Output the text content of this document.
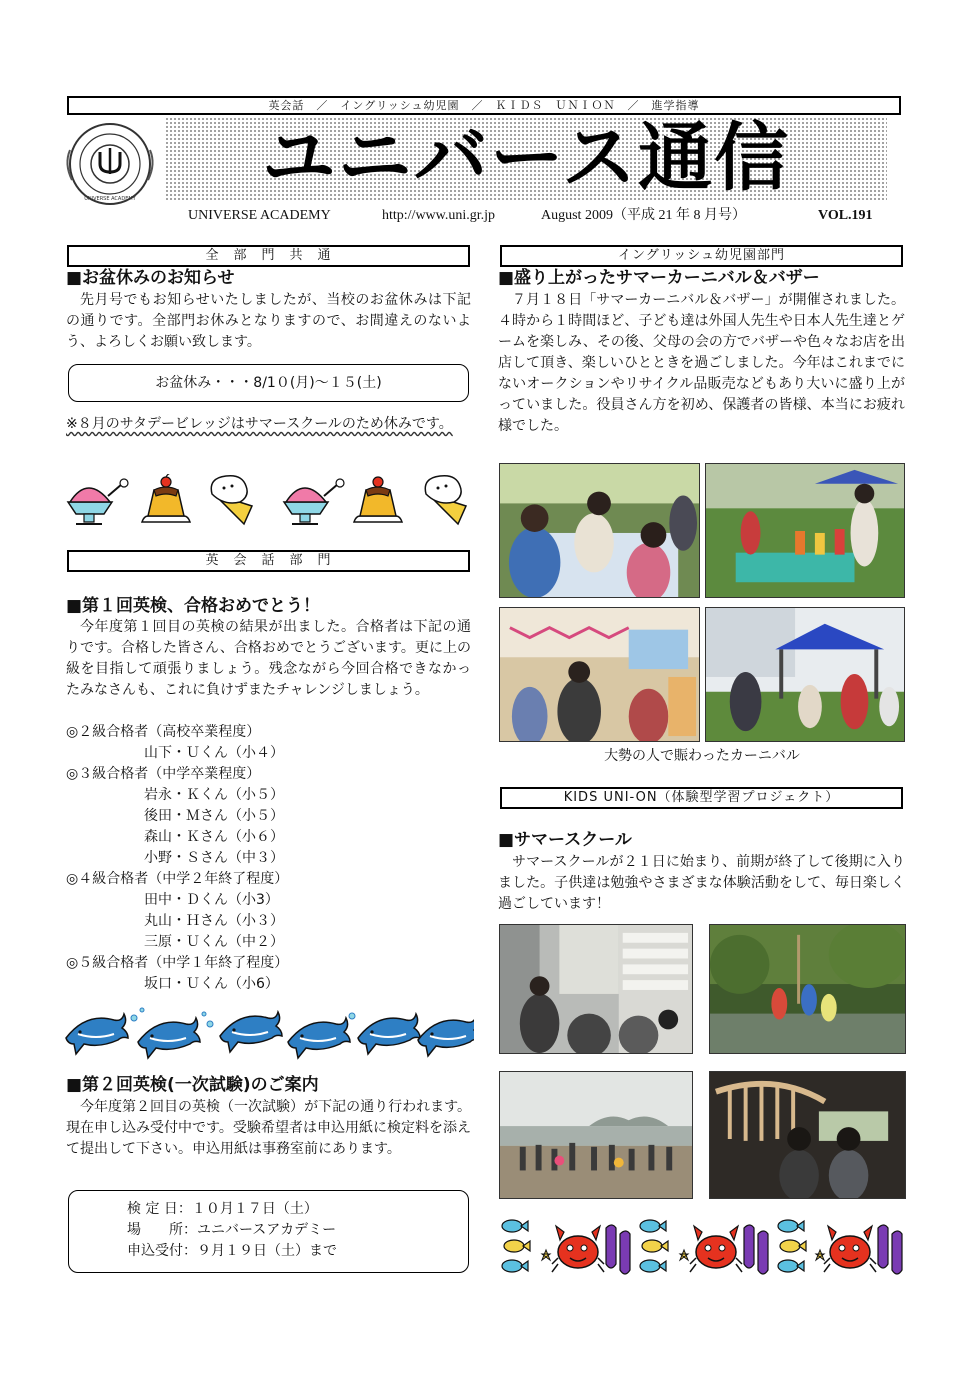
英会話　／　イングリッシュ幼児園　／　ＫＩＤＳ　ＵＮＩＯＮ　／　進学指導
UNIVERSE ACADEMY	ユニバース通信
UNIVERSE ACADEMY	http://www.uni.gr.jp	August 2009（平成 21 年 8 月号）	VOL.191
全　部　門　共　通
■お盆休みのお知らせ
先月号でもお知らせいたしましたが、当校のお盆休みは下記の通りです。全部門お休みとなりますので、お間違えのないよう、よろしくお願い致します。
お盆休み・・・8/1０(月)～１５(土)
※８月のサタデービレッジはサマースクールのため休みです。
英　会　話　部　門
■第１回英検、合格おめでとう！
今年度第１回目の英検の結果が出ました。合格者は下記の通りです。合格した皆さん、合格おめでとうございます。更に上の級を目指して頑張りましょう。残念ながら今回合格できなかったみなさんも、これに負けずまたチャレンジしましょう。
◎２級合格者（高校卒業程度）
山下・Ｕくん（小４）
◎３級合格者（中学卒業程度）
岩永・Ｋくん（小５）
後田・Ｍさん（小５）
森山・Ｋさん（小６）
小野・Ｓさん（中３）
◎４級合格者（中学２年終了程度）
田中・Ｄくん（小3）
丸山・Ｈさん（小３）
三原・Ｕくん（中２）
◎５級合格者（中学１年終了程度）
坂口・Ｕくん（小6）
■第２回英検(一次試験)のご案内
今年度第２回目の英検（一次試験）が下記の通り行われます。現在申し込み受付中です。受験希望者は申込用紙に検定料を添えて提出して下さい。申込用紙は事務室前にあります。
検 定 日：１０月１７日（土）
場　　所：ユニバースアカデミー
申込受付：９月１９日（土）まで
イングリッシュ幼児園部門
■盛り上がったサマーカーニバル＆バザー
７月１８日「サマーカーニバル＆バザー」が開催されました。４時から１時間ほど、子ども達は外国人先生や日本人先生達とゲームを楽しみ、その後、父母の会の方でバザーや色々なお店を出店して頂き、楽しいひとときを過ごしました。今年はこれまでにないオークションやリサイクル品販売などもあり大いに盛り上がっていました。役員さん方を初め、保護者の皆様、本当にお疲れ様でした。
大勢の人で賑わったカーニバル
KIDS UNI-ON（体験型学習プロジェクト）
■サマースクール
サマースクールが２１日に始まり、前期が終了して後期に入りました。子供達は勉強やさまざまな体験活動をして、毎日楽しく過ごしています！
